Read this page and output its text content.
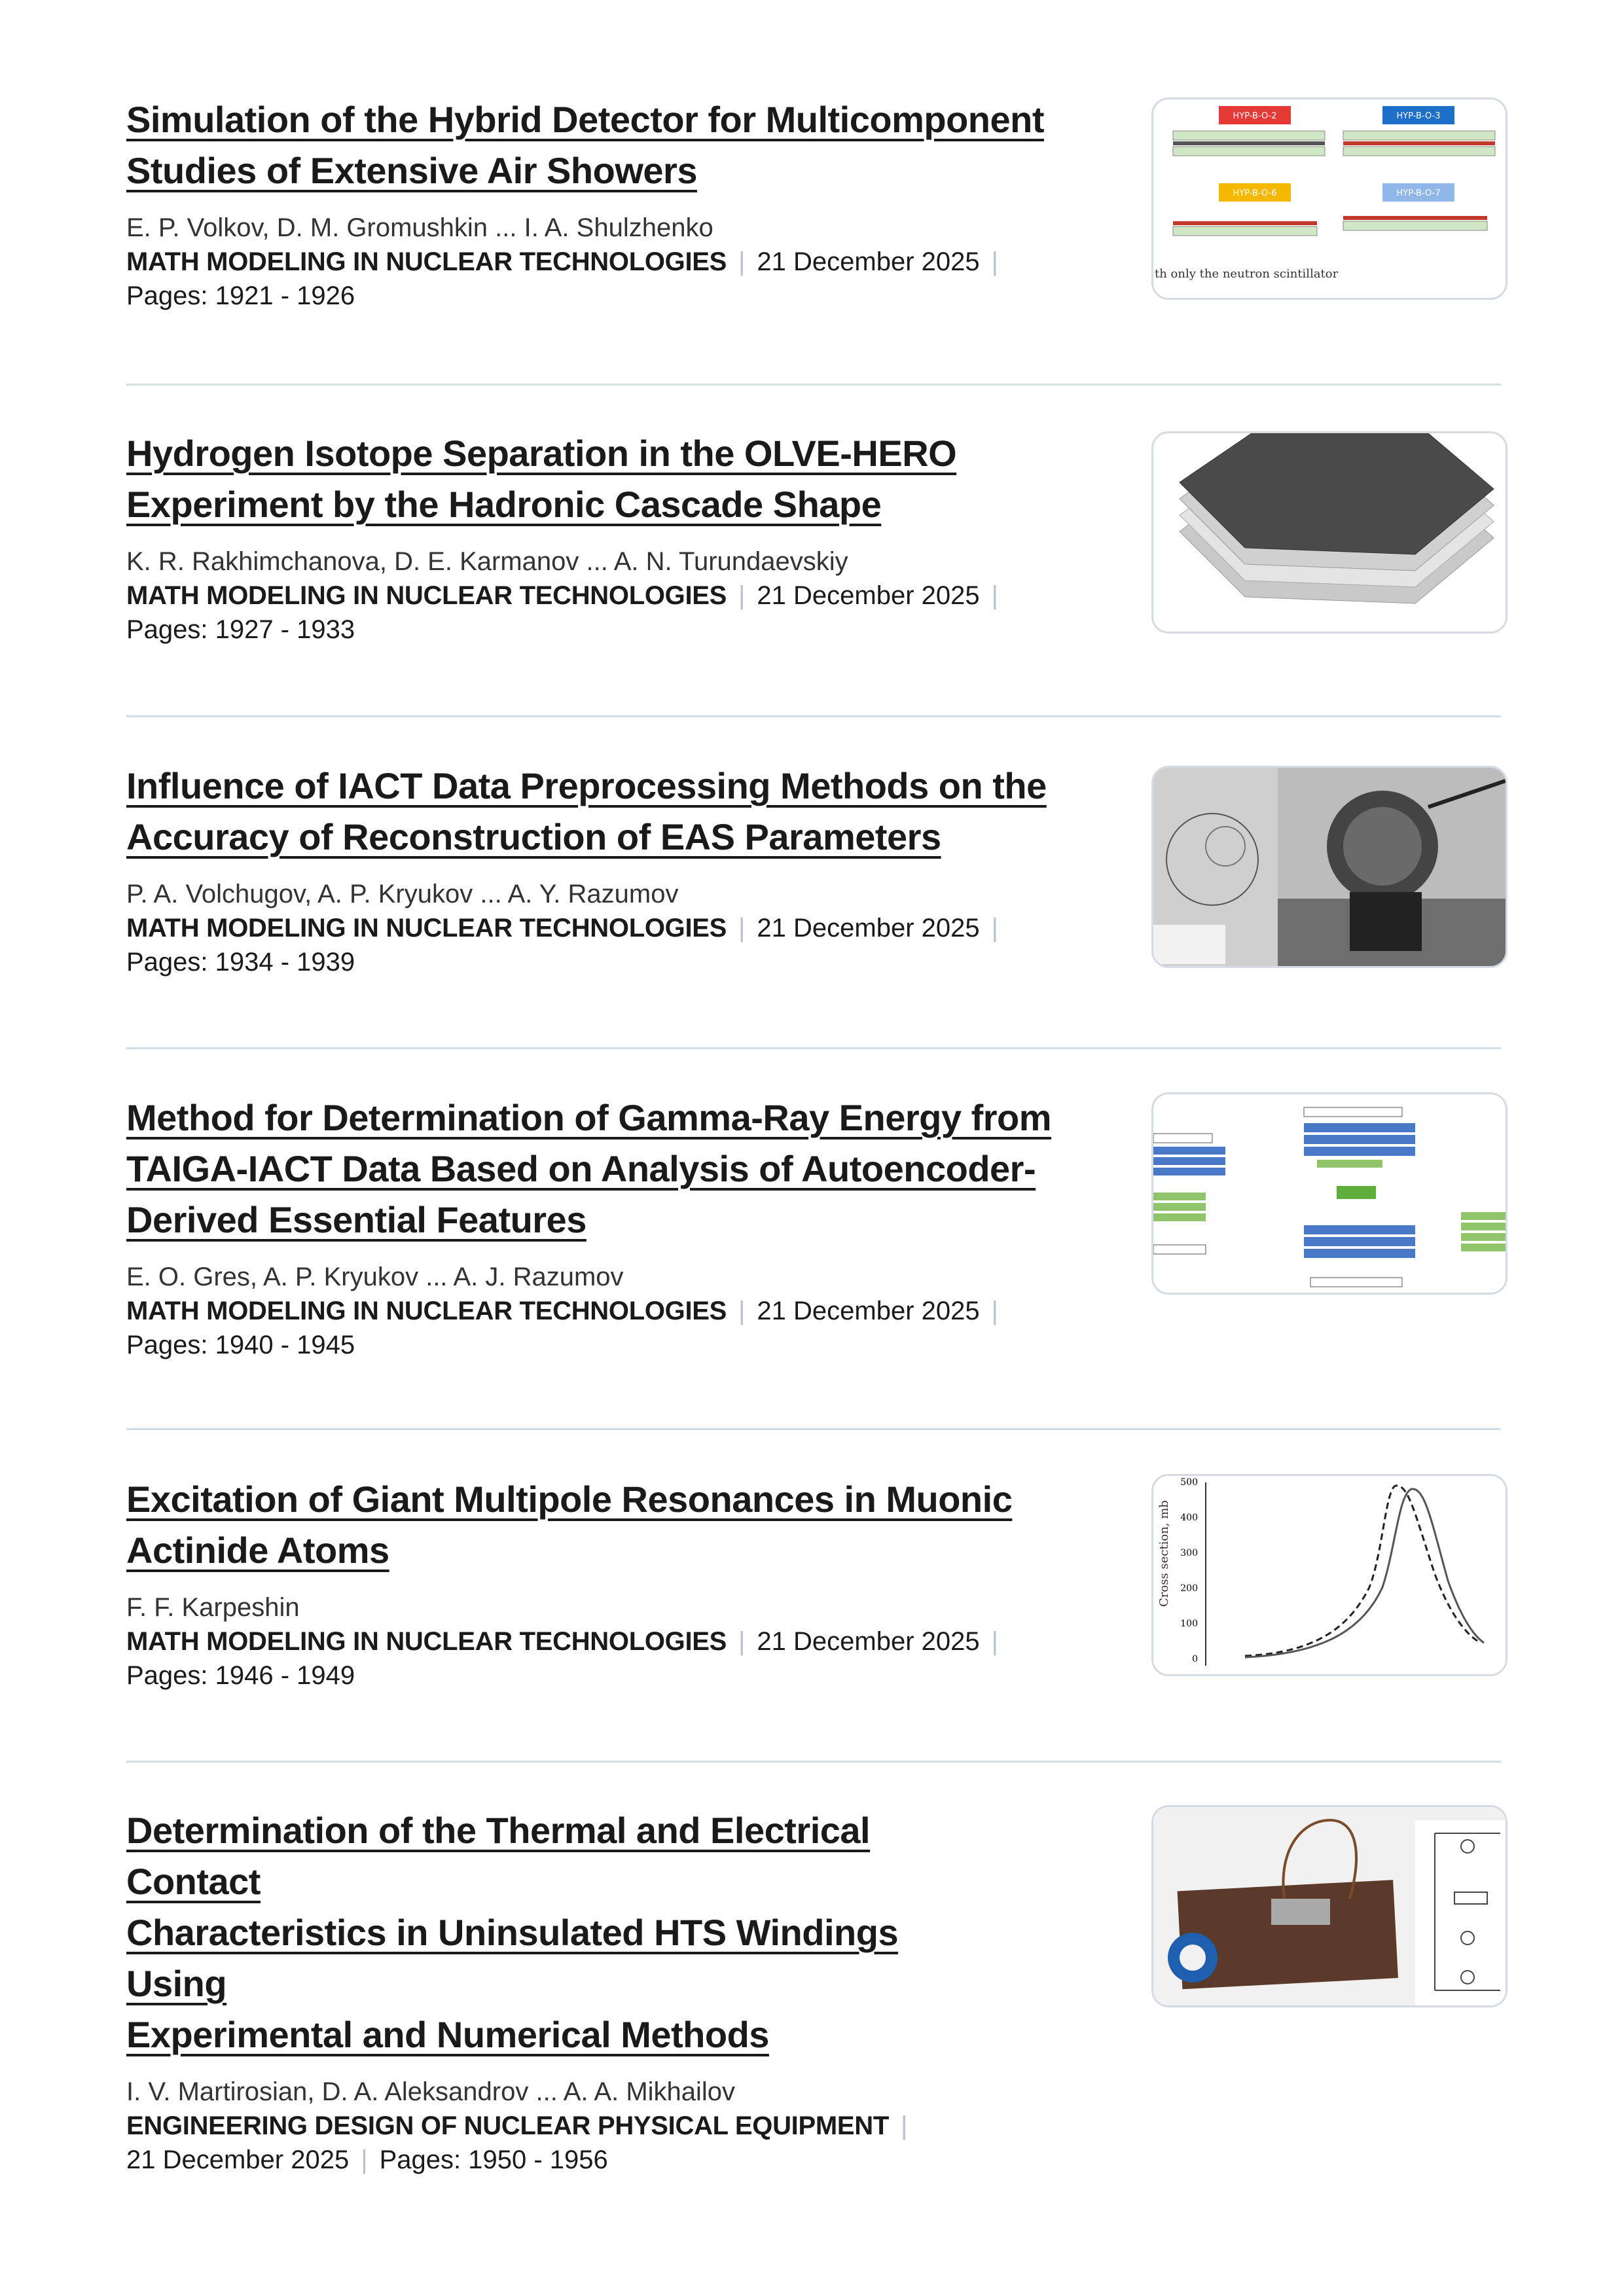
Simulation of the Hybrid Detector for Multicomponent
Studies of Extensive Air Showers
E. P. Volkov, D. M. Gromushkin ... I. A. Shulzhenko
MATH MODELING IN NUCLEAR TECHNOLOGIES | 21 December 2025 |
Pages: 1921 - 1926
HYP-B-O-2	HYP-B-O-3
HYP-B-O-6	HYP-B-O-7
th only the neutron scintillator
Hydrogen Isotope Separation in the OLVE-HERO
Experiment by the Hadronic Cascade Shape
K. R. Rakhimchanova, D. E. Karmanov ... A. N. Turundaevskiy
MATH MODELING IN NUCLEAR TECHNOLOGIES | 21 December 2025 |
Pages: 1927 - 1933
Influence of IACT Data Preprocessing Methods on the
Accuracy of Reconstruction of EAS Parameters
P. A. Volchugov, A. P. Kryukov ... A. Y. Razumov
MATH MODELING IN NUCLEAR TECHNOLOGIES | 21 December 2025 |
Pages: 1934 - 1939
Method for Determination of Gamma-Ray Energy from
TAIGA-IACT Data Based on Analysis of Autoencoder-
Derived Essential Features
E. O. Gres, A. P. Kryukov ... A. J. Razumov
MATH MODELING IN NUCLEAR TECHNOLOGIES | 21 December 2025 |
Pages: 1940 - 1945
Excitation of Giant Multipole Resonances in Muonic
Actinide Atoms
F. F. Karpeshin
MATH MODELING IN NUCLEAR TECHNOLOGIES | 21 December 2025 |
Pages: 1946 - 1949
Cross section, mb
500
400
300
200
100
0
Determination of the Thermal and Electrical Contact
Characteristics in Uninsulated HTS Windings Using
Experimental and Numerical Methods
I. V. Martirosian, D. A. Aleksandrov ... A. A. Mikhailov
ENGINEERING DESIGN OF NUCLEAR PHYSICAL EQUIPMENT |
21 December 2025 | Pages: 1950 - 1956
